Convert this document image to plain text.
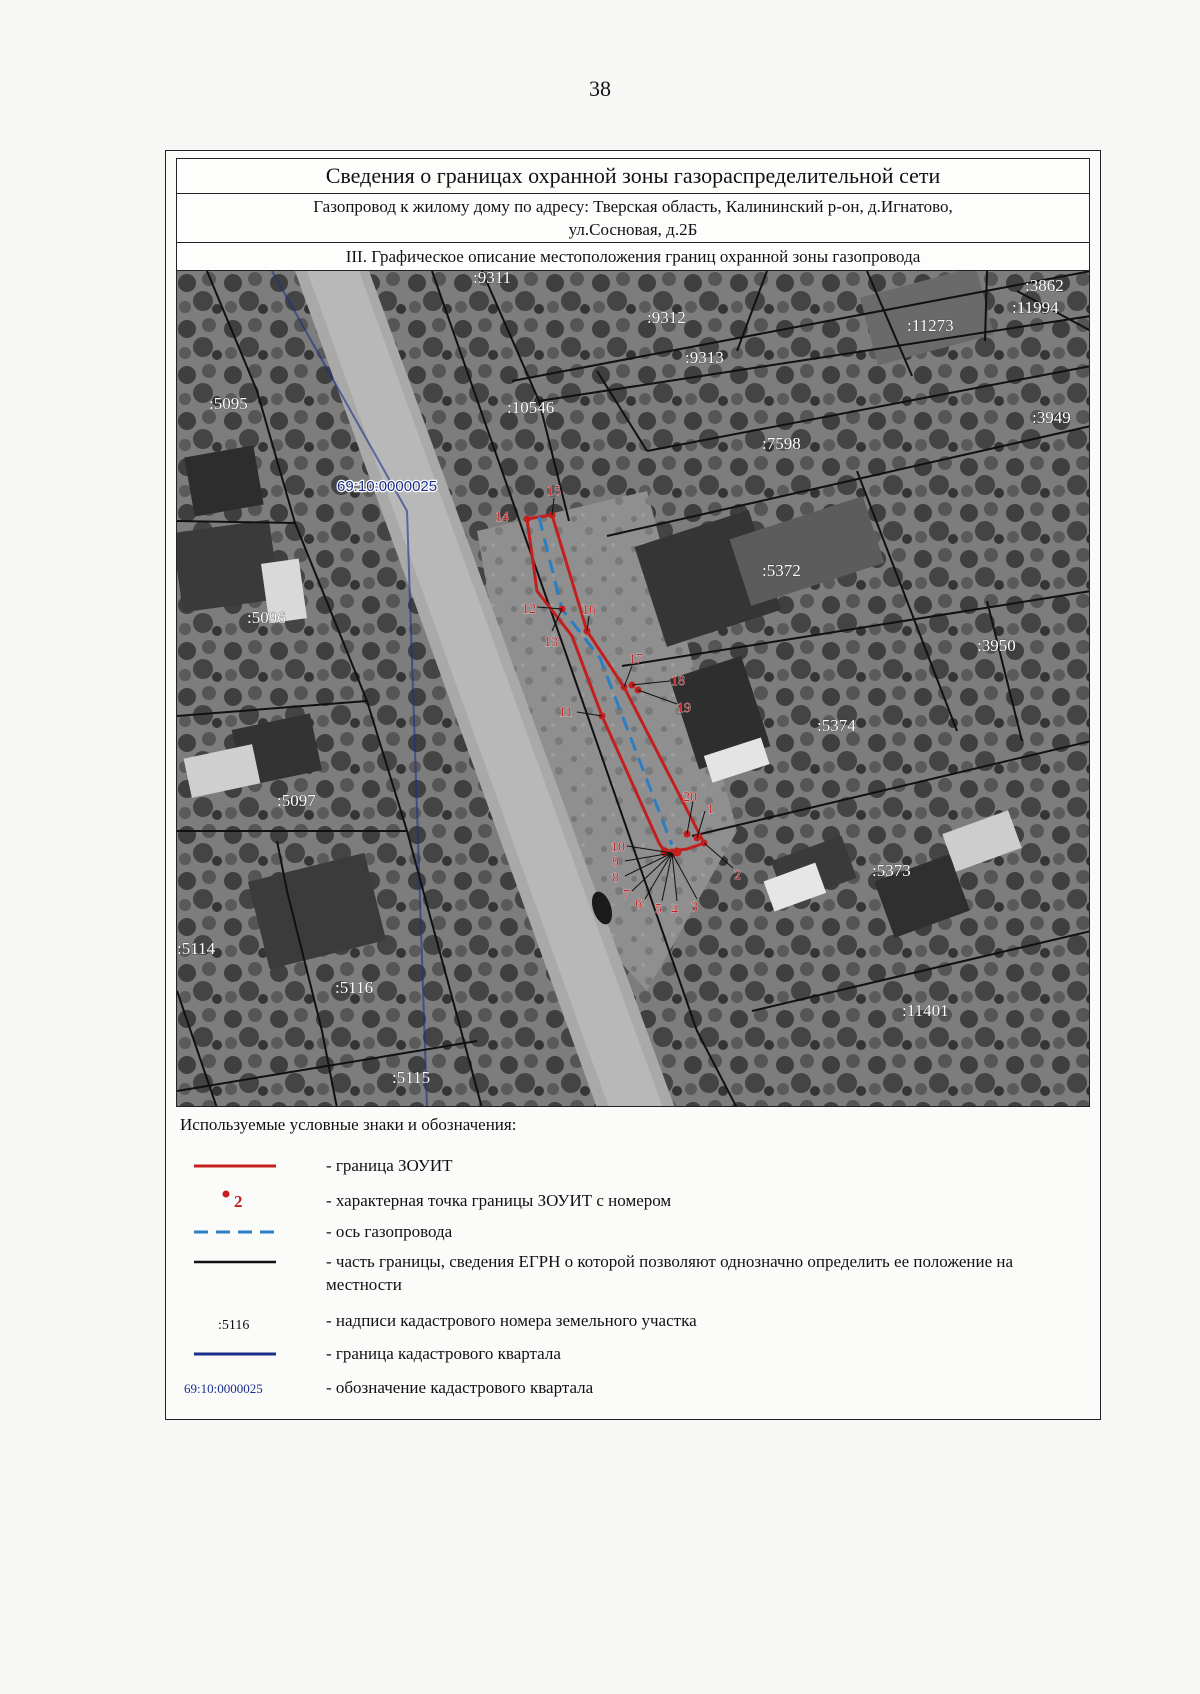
38
Сведения о границах охранной зоны газораспределительной сети
Газопровод к жилому дому по адресу: Тверская область, Калининский р-он, д.Игнатово,
ул.Сосновая, д.2Б
III. Графическое описание местоположения границ охранной зоны газопровода
15
14
16
12
13
17
18
19
11
20
1
2
3
4
5
6
7
8
9
10
:9311
:9312
:9313
:11273
:3862
:11994
:5095	:10546
:7598
:3949
:5372
:5096
:3950
:5374
:5097
:5373
:5114
:5116
:11401
:5115
69:10:0000025
Используемые условные знаки и обозначения:
- граница ЗОУИТ
2	- характерная точка границы ЗОУИТ с номером
- ось газопровода
- часть границы, сведения ЕГРН о которой позволяют однозначно определить ее положение на местности
:5116	- надписи кадастрового номера земельного участка
- граница кадастрового квартала
69:10:0000025	- обозначение кадастрового квартала
